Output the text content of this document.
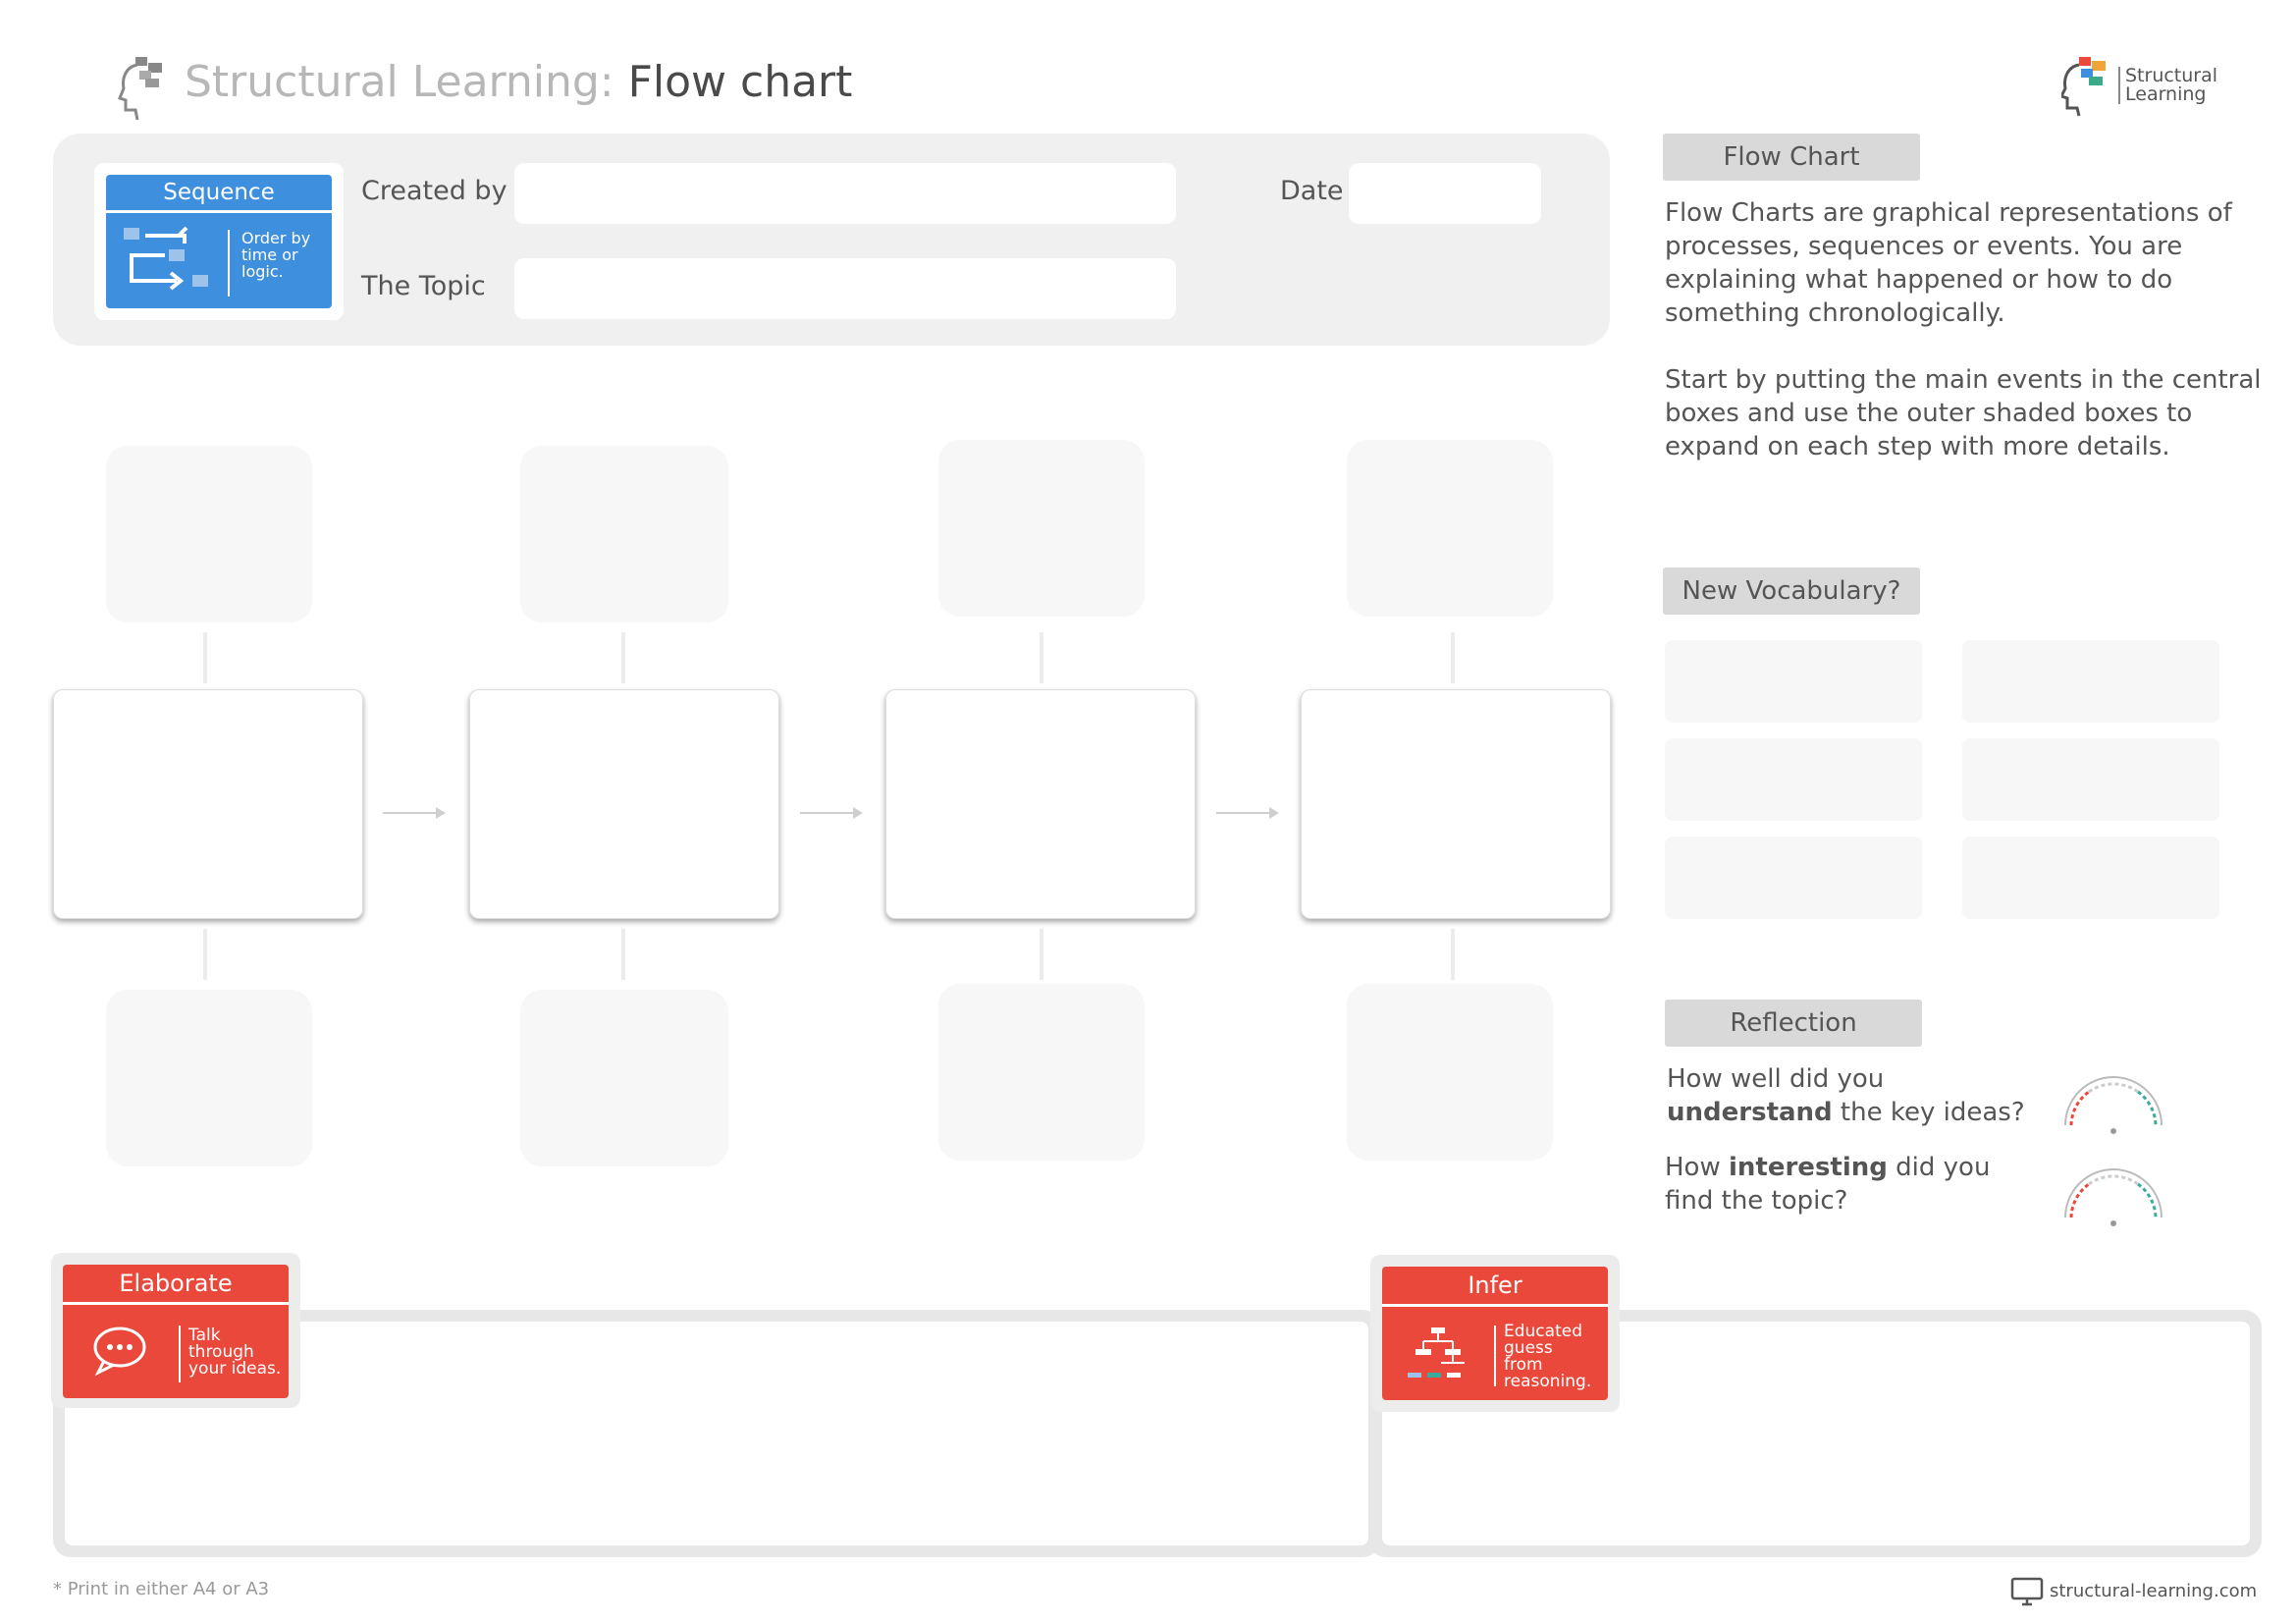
Structural Learning: Flow chart	Structural
Learning
Sequence
Order by
time or
logic.
Created by	Date
The Topic
Flow Chart
Flow Charts are graphical representations of
processes, sequences or events. You are
explaining what happened or how to do
something chronologically.
Start by putting the main events in the central
boxes and use the outer shaded boxes to
expand on each step with more details.
New Vocabulary?
Reflection
How well did you
understand the key ideas?
How interesting did you
find the topic?
Elaborate
Talk
through
your ideas.
Infer
Educated
guess
from
reasoning.
* Print in either A4 or A3	structural-learning.com
